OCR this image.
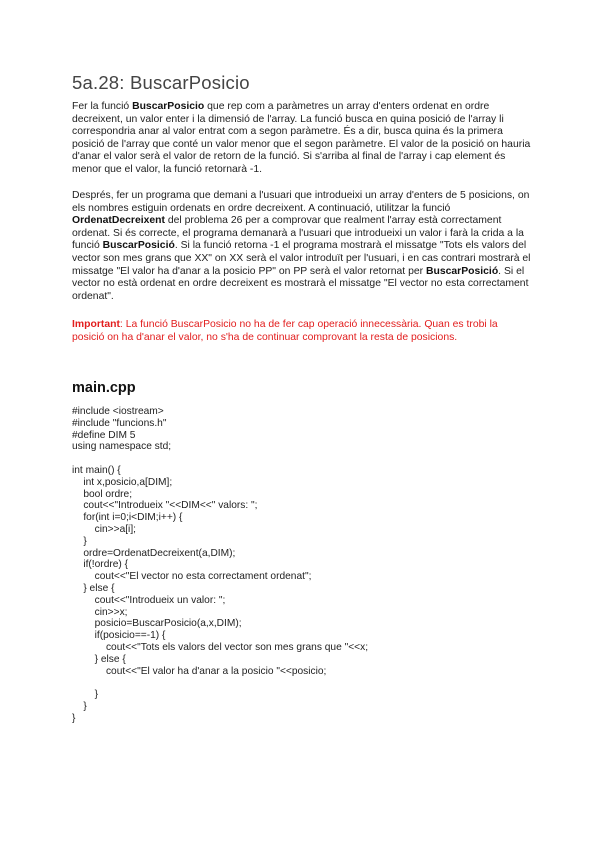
5a.28: BuscarPosicio

Fer la funció BuscarPosicio que rep com a paràmetres un array d'enters ordenat en ordre decreixent, un valor enter i la dimensió de l'array. La funció busca en quina posició de l'array li correspondria anar al valor entrat com a segon paràmetre. És a dir, busca quina és la primera posició de l'array que conté un valor menor que el segon paràmetre. El valor de la posició on hauria d'anar el valor serà el valor de retorn de la funció. Si s'arriba al final de l'array i cap element és menor que el valor, la funció retornarà -1.

Després, fer un programa que demani a l'usuari que introdueixi un array d'enters de 5 posicions, on els nombres estiguin ordenats en ordre decreixent. A continuació, utilitzar la funció OrdenatDecreixent del problema 26 per a comprovar que realment l'array està correctament ordenat. Si és correcte, el programa demanarà a l'usuari que introdueixi un valor i farà la crida a la funció BuscarPosició. Si la funció retorna -1 el programa mostrarà el missatge "Tots els valors del vector son mes grans que XX" on XX serà el valor introduït per l'usuari, i en cas contrari mostrarà el missatge "El valor ha d'anar a la posicio PP" on PP serà el valor retornat per BuscarPosició. Si el vector no està ordenat en ordre decreixent es mostrarà el missatge "El vector no esta correctament ordenat".

Important: La funció BuscarPosicio no ha de fer cap operació innecessària. Quan es trobi la posició on ha d'anar el valor, no s'ha de continuar comprovant la resta de posicions.

main.cpp
#include <iostream>
#include "funcions.h"
#define DIM 5
using namespace std;
int main() {
int x,posicio,a[DIM];
bool ordre;
cout<<"Introdueix "<<DIM<<" valors: ";
for(int i=0;i<DIM;i++) {
cin>>a[i];
}
ordre=OrdenatDecreixent(a,DIM);
if(!ordre) {
cout<<"El vector no esta correctament ordenat";
} else {
cout<<"Introdueix un valor: ";
cin>>x;
posicio=BuscarPosicio(a,x,DIM);
if(posicio==-1) {
cout<<"Tots els valors del vector son mes grans que "<<x;
} else {
cout<<"El valor ha d'anar a la posicio "<<posicio;
}
}
}
